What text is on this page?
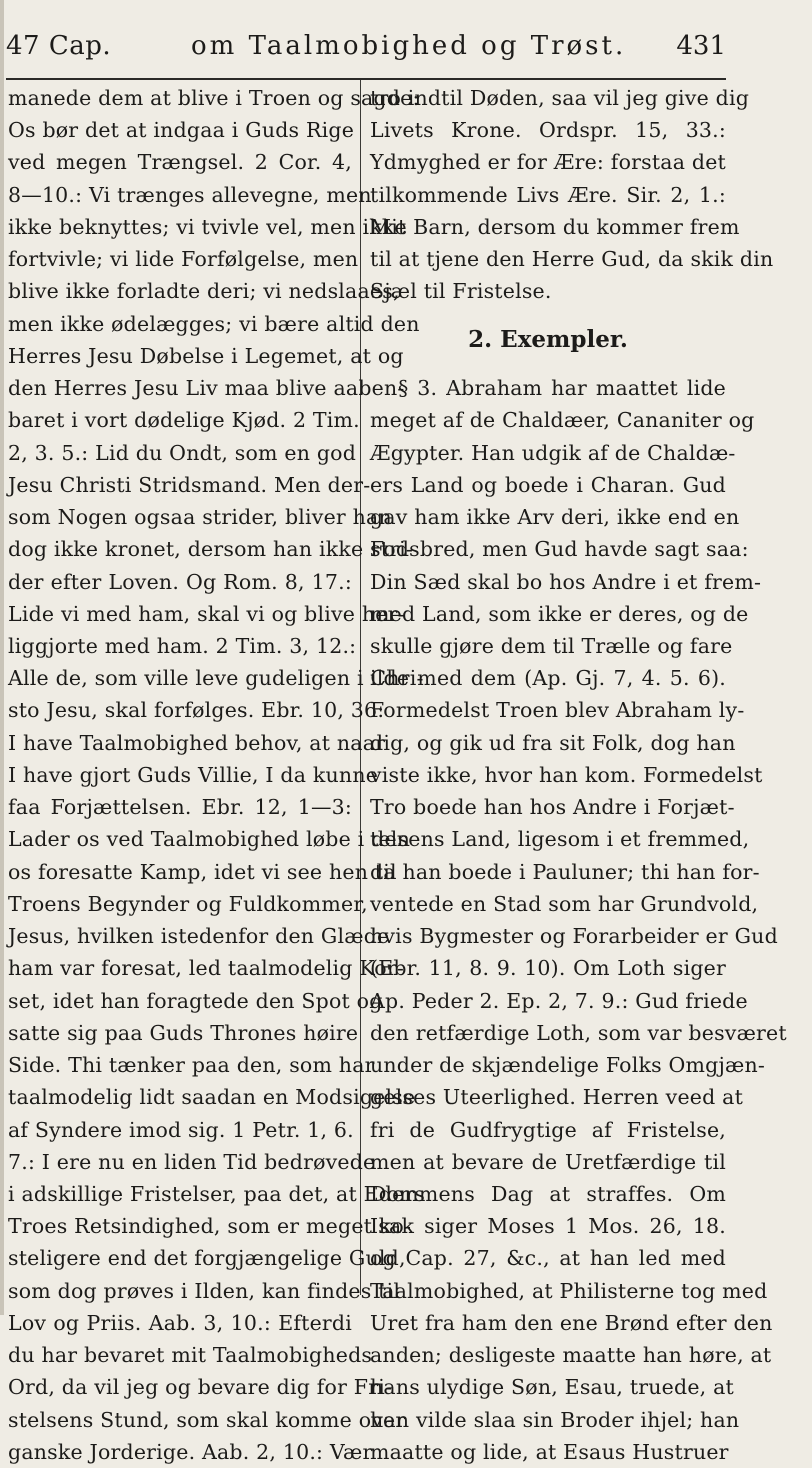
47 Cap.	om Taalmobighed og Trøst. 431
manede dem at blive i Troen og sagde:
Os bør det at indgaa i Guds Rige
ved megen Trængsel. 2 Cor. 4,
8—10.: Vi trænges allevegne, men
ikke beknyttes; vi tvivle vel, men ikke
fortvivle; vi lide Forfølgelse, men
blive ikke forladte deri; vi nedslaaes,
men ikke ødelægges; vi bære altid den
Herres Jesu Døbelse i Legemet, at og
den Herres Jesu Liv maa blive aaben-
baret i vort dødelige Kjød. 2 Tim.
2, 3. 5.: Lid du Ondt, som en god
Jesu Christi Stridsmand. Men der-
som Nogen ogsaa strider, bliver han
dog ikke kronet, dersom han ikke stri-
der efter Loven. Og Rom. 8, 17.:
Lide vi med ham, skal vi og blive her-
liggjorte med ham. 2 Tim. 3, 12.:
Alle de, som ville leve gudeligen i Chri-
sto Jesu, skal forfølges. Ebr. 10, 36:
I have Taalmobighed behov, at naar
I have gjort Guds Villie, I da kunne
faa Forjættelsen. Ebr. 12, 1—3:
Lader os ved Taalmobighed løbe i den
os foresatte Kamp, idet vi see hen til
Troens Begynder og Fuldkommer,
Jesus, hvilken istedenfor den Glæde
ham var foresat, led taalmodelig Kor-
set, idet han foragtede den Spot og
satte sig paa Guds Thrones høire
Side. Thi tænker paa den, som har
taalmodelig lidt saadan en Modsigelse
af Syndere imod sig. 1 Petr. 1, 6.
7.: I ere nu en liden Tid bedrøvede
i adskillige Fristelser, paa det, at Eders
Troes Retsindighed, som er meget ko-
steligere end det forgjængelige Guld,
som dog prøves i Ilden, kan findes til
Lov og Priis. Aab. 3, 10.: Efterdi
du har bevaret mit Taalmobigheds
Ord, da vil jeg og bevare dig for Fri-
stelsens Stund, som skal komme over
ganske Jorderige. Aab. 2, 10.: Vær
tro indtil Døden, saa vil jeg give dig
Livets Krone. Ordspr. 15, 33.:
Ydmyghed er for Ære: forstaa det
tilkommende Livs Ære. Sir. 2, 1.:
Mit Barn, dersom du kommer frem
til at tjene den Herre Gud, da skik din
Sjæl til Fristelse.
2. Exempler.
§ 3. Abraham har maattet lide
meget af de Chaldæer, Cananiter og
Ægypter. Han udgik af de Chaldæ-
ers Land og boede i Charan. Gud
gav ham ikke Arv deri, ikke end en
Fodsbred, men Gud havde sagt saa:
Din Sæd skal bo hos Andre i et frem-
med Land, som ikke er deres, og de
skulle gjøre dem til Trælle og fare
ilde med dem (Ap. Gj. 7, 4. 5. 6).
Formedelst Troen blev Abraham ly-
dig, og gik ud fra sit Folk, dog han
viste ikke, hvor han kom. Formedelst
Tro boede han hos Andre i Forjæt-
telsens Land, ligesom i et fremmed,
da han boede i Pauluner; thi han for-
ventede en Stad som har Grundvold,
hvis Bygmester og Forarbeider er Gud
(Ebr. 11, 8. 9. 10). Om Loth siger
Ap. Peder 2. Ep. 2, 7. 9.: Gud friede
den retfærdige Loth, som var besværet
under de skjændelige Folks Omgjæn-
gelses Uteerlighed. Herren veed at
fri de Gudfrygtige af Fristelse,
men at bevare de Uretfærdige til
Dommens Dag at straffes. Om
Isak siger Moses 1 Mos. 26, 18.
og Cap. 27, &c., at han led med
Taalmobighed, at Philisterne tog med
Uret fra ham den ene Brønd efter den
anden; desligeste maatte han høre, at
hans ulydige Søn, Esau, truede, at
han vilde slaa sin Broder ihjel; han
maatte og lide, at Esaus Hustruer
